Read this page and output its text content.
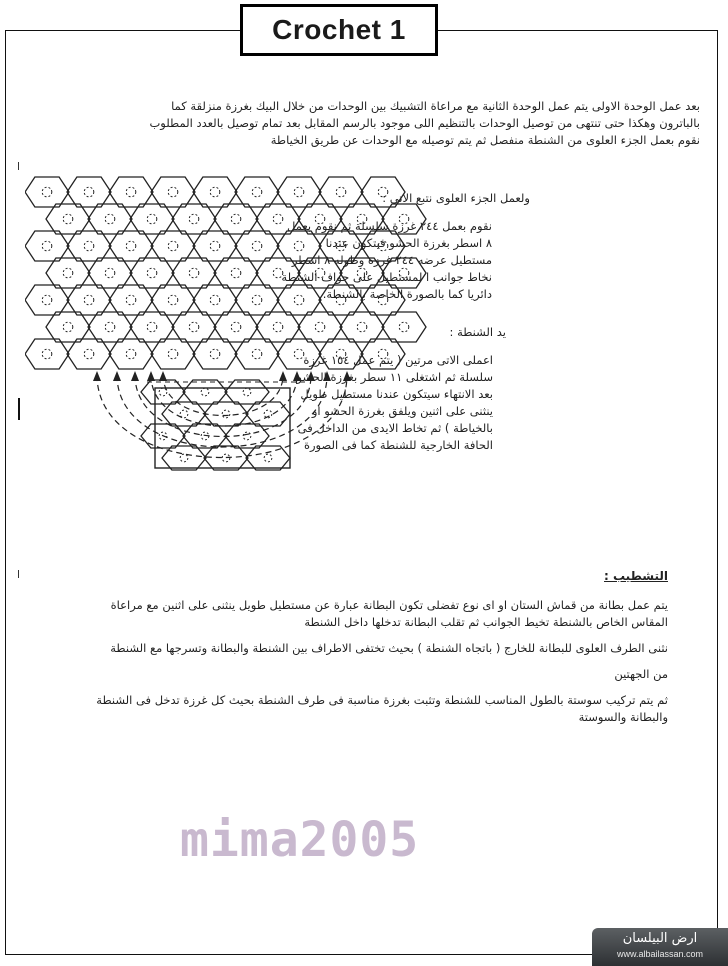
Crochet 1

بعد عمل الوحدة الاولى يتم عمل الوحدة الثانية مع مراعاة التشبيك بين الوحدات من خلال البيك بغرزة منزلقة كما

بالباترون وهكذا حتى تنتهى من توصيل الوحدات بالتنظيم اللى موجود بالرسم المقابل بعد تمام توصيل بالعدد المطلوب

نقوم بعمل الجزء العلوى من الشنطة منفصل ثم يتم توصيله مع الوحدات عن طريق الخياطة

ولعمل الجزء العلوى نتبع الاتى :

نقوم بعمل ٢٤٤ غرزة سلسلة ثم نقوم بعمل

٨ اسطر بغرزة الحشو فيتكون عندنا

مستطيل عرضه ٢٤٤ غرزة وطوله ٨ اسطر

نخاط جوانب ا لمستطيل على حواف الشنطة

دائريا كما بالصورة الخاصة بالشنطة.

يد الشنطة :

اعملى الاتى مرتين ( يتم عمل ١٥٤ غرزة

سلسلة ثم اشتغلى ١١ سطر بغرزة الحشو

بعد الانتهاء سيتكون عندنا مستطيل طويل

ينثنى على اثنين ويلفق بغرزة الحشو او

بالخياطة ) ثم تخاط الايدى من الداخل فى

الحافة الخارجية للشنطة كما فى الصورة

التشطيب :

يتم عمل بطانة من قماش الستان او اى نوع تفضلى تكون البطانة عبارة عن مستطيل طويل ينثنى على اثنين مع مراعاة

المقاس الخاص بالشنطة تخيط الجوانب ثم تقلب البطانة تدخلها داخل الشنطة

نثنى الطرف العلوى للبطانة للخارج ( باتجاه الشنطة ) بحيث تختفى الاطراف بين الشنطة والبطانة وتسرجها مع الشنطة

من الجهتين

ثم يتم تركيب سوستة بالطول المناسب للشنطة وتثبت بغرزة مناسبة فى طرف الشنطة بحيث كل غرزة تدخل فى الشنطة

والبطانة والسوستة

mima2005
ارض البيلسان
www.albailassan.com
